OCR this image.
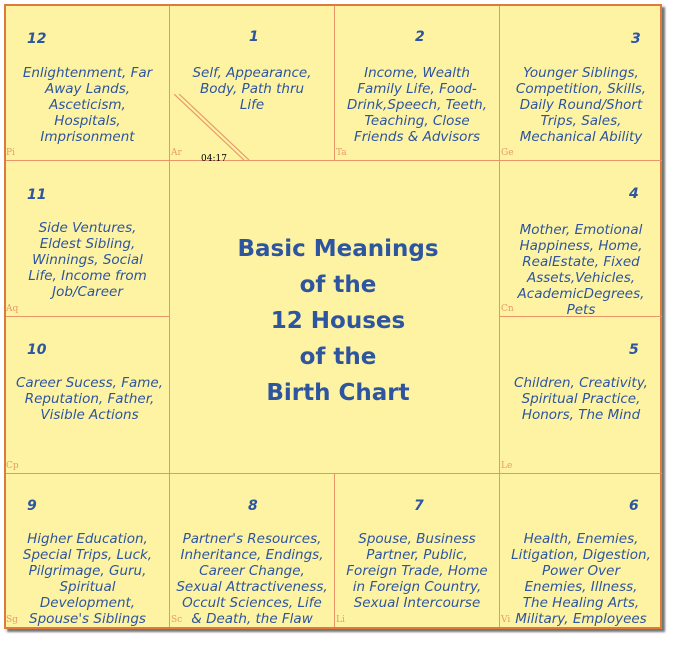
04:17
12
Enlightenment, Far
Away Lands,
Asceticism,
Hospitals,
Imprisonment
Pi
1
Self, Appearance,
Body, Path thru
Life
Ar
2
Income, Wealth
Family Life, Food-
Drink,Speech, Teeth,
Teaching, Close
Friends & Advisors
Ta
3
Younger Siblings,
Competition, Skills,
Daily Round/Short
Trips, Sales,
Mechanical Ability
Ge
11
Side Ventures,
Eldest Sibling,
Winnings, Social
Life, Income from
Job/Career
Aq
4
Mother, Emotional
Happiness, Home,
RealEstate, Fixed
Assets,Vehicles,
AcademicDegrees,
Pets
Cn
Basic Meanings
of the
12 Houses
of the
Birth Chart
10
Career Sucess, Fame,
Reputation, Father,
Visible Actions
Cp
5
Children, Creativity,
Spiritual Practice,
Honors, The Mind
Le
9
Higher Education,
Special Trips, Luck,
Pilgrimage, Guru,
Spiritual
Development,
Spouse's Siblings
Sg
8
Partner's Resources,
Inheritance, Endings,
Career Change,
Sexual Attractiveness,
Occult Sciences, Life
& Death, the Flaw
Sc
7
Spouse, Business
Partner, Public,
Foreign Trade, Home
in Foreign Country,
Sexual Intercourse
Li
6
Health, Enemies,
Litigation, Digestion,
Power Over
Enemies, Illness,
The Healing Arts,
Military, Employees
Vi
